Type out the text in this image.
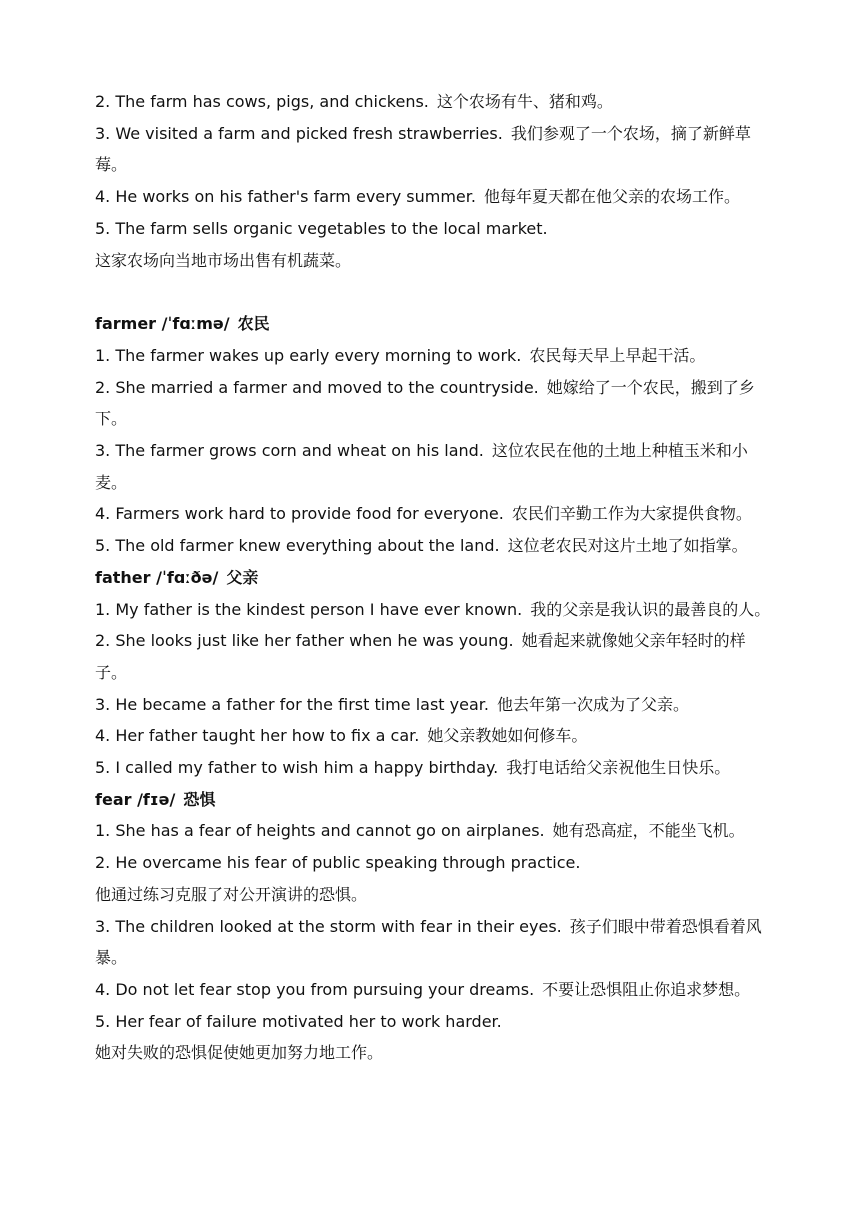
2. The farm has cows, pigs, and chickens. 这个农场有牛、猪和鸡。
3. We visited a farm and picked fresh strawberries. 我们参观了一个农场，摘了新鲜草莓。
4. He works on his father's farm every summer. 他每年夏天都在他父亲的农场工作。
5. The farm sells organic vegetables to the local market.
这家农场向当地市场出售有机蔬菜。
farmer /ˈfɑːmə/ 农民
1. The farmer wakes up early every morning to work. 农民每天早上早起干活。
2. She married a farmer and moved to the countryside. 她嫁给了一个农民，搬到了乡下。
3. The farmer grows corn and wheat on his land. 这位农民在他的土地上种植玉米和小麦。
4. Farmers work hard to provide food for everyone. 农民们辛勤工作为大家提供食物。
5. The old farmer knew everything about the land. 这位老农民对这片土地了如指掌。
father /ˈfɑːðə/ 父亲
1. My father is the kindest person I have ever known. 我的父亲是我认识的最善良的人。
2. She looks just like her father when he was young. 她看起来就像她父亲年轻时的样子。
3. He became a father for the first time last year. 他去年第一次成为了父亲。
4. Her father taught her how to fix a car. 她父亲教她如何修车。
5. I called my father to wish him a happy birthday. 我打电话给父亲祝他生日快乐。
fear /fɪə/ 恐惧
1. She has a fear of heights and cannot go on airplanes. 她有恐高症，不能坐飞机。
2. He overcame his fear of public speaking through practice.
他通过练习克服了对公开演讲的恐惧。
3. The children looked at the storm with fear in their eyes. 孩子们眼中带着恐惧看着风暴。
4. Do not let fear stop you from pursuing your dreams. 不要让恐惧阻止你追求梦想。
5. Her fear of failure motivated her to work harder.
她对失败的恐惧促使她更加努力地工作。
